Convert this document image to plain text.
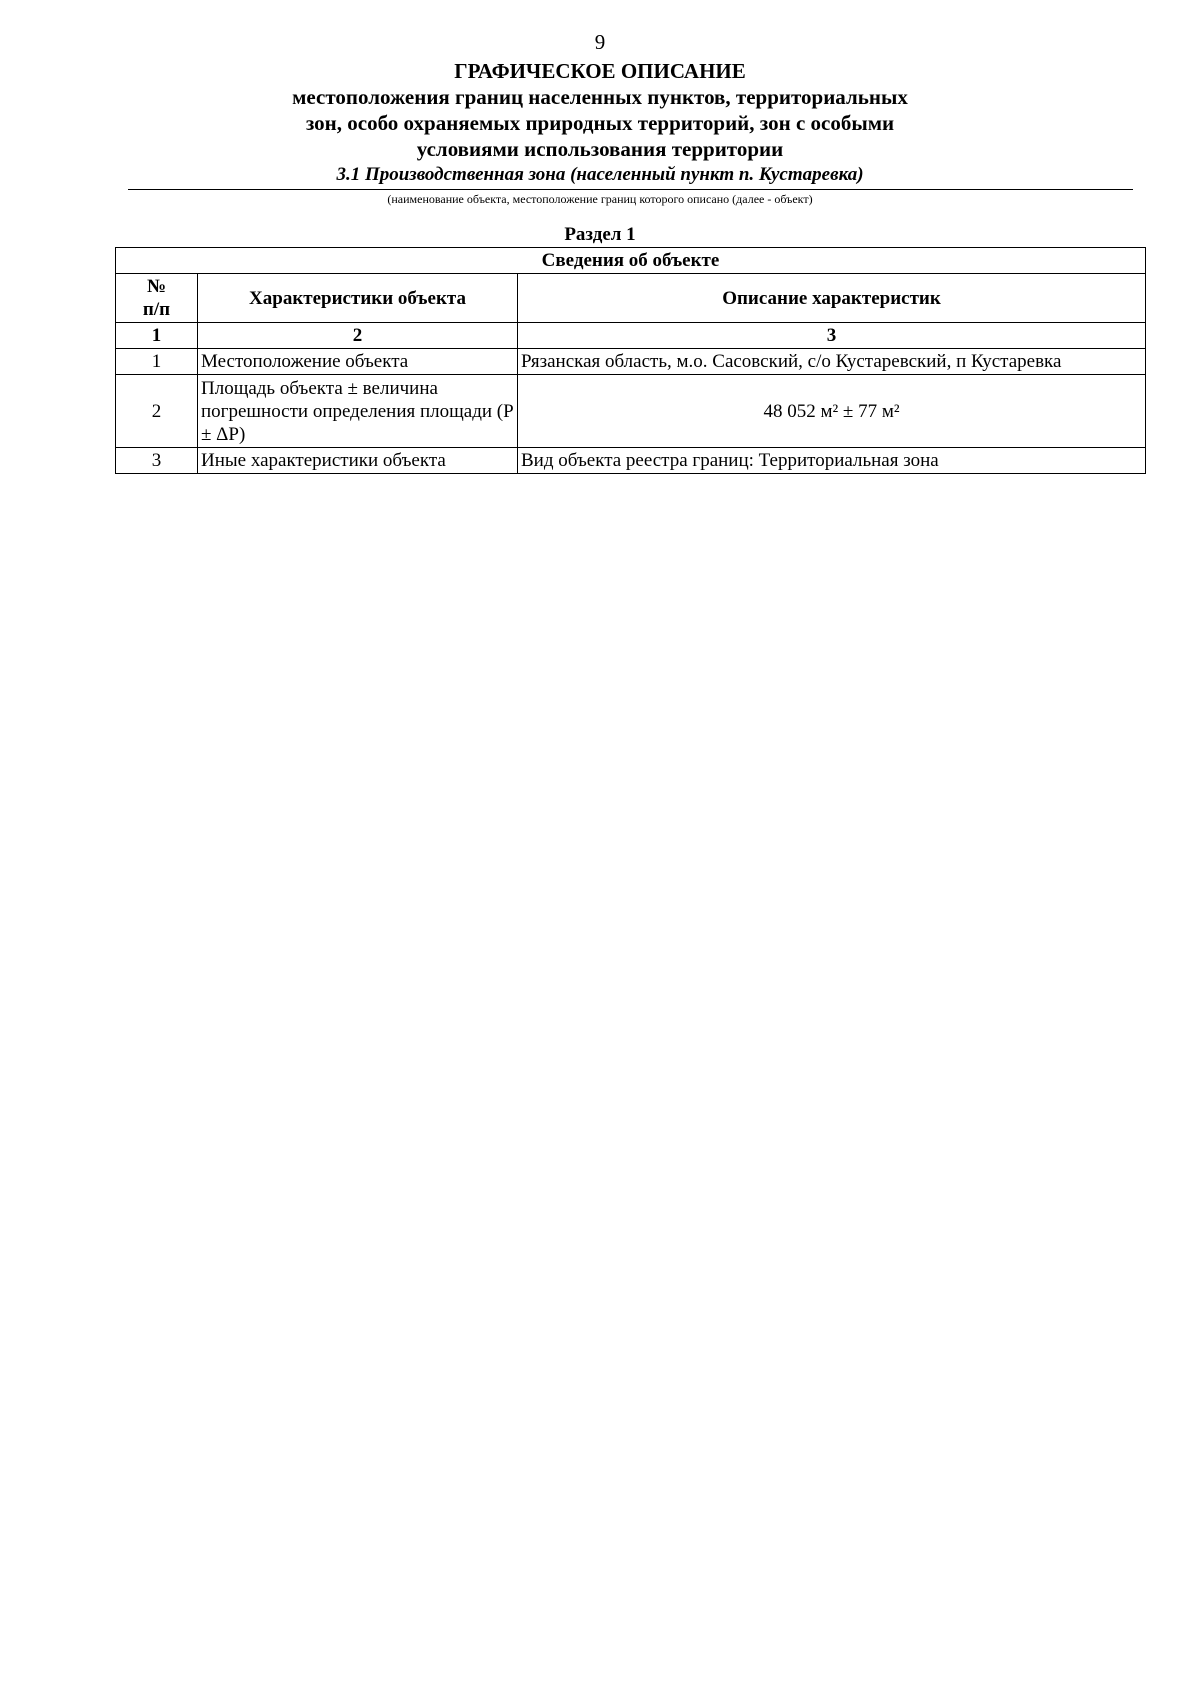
9
ГРАФИЧЕСКОЕ ОПИСАНИЕ
местоположения границ населенных пунктов, территориальных
зон, особо охраняемых природных территорий, зон с особыми
условиями использования территории
3.1 Производственная зона (населенный пункт п. Кустаревка)
(наименование объекта, местоположение границ которого описано (далее - объект)
Раздел 1
Сведения об объекте		

№
п/п	Характеристики объекта	Описание характеристик
1	2	3
1	Местоположение объекта	Рязанская область, м.о. Сасовский, с/о Кустаревский, п Кустаревка
2	Площадь объекта ± величина погрешности определения площади (P ± ΔP)	48 052 м² ± 77 м²
3	Иные характеристики объекта	Вид объекта реестра границ: Территориальная зона
